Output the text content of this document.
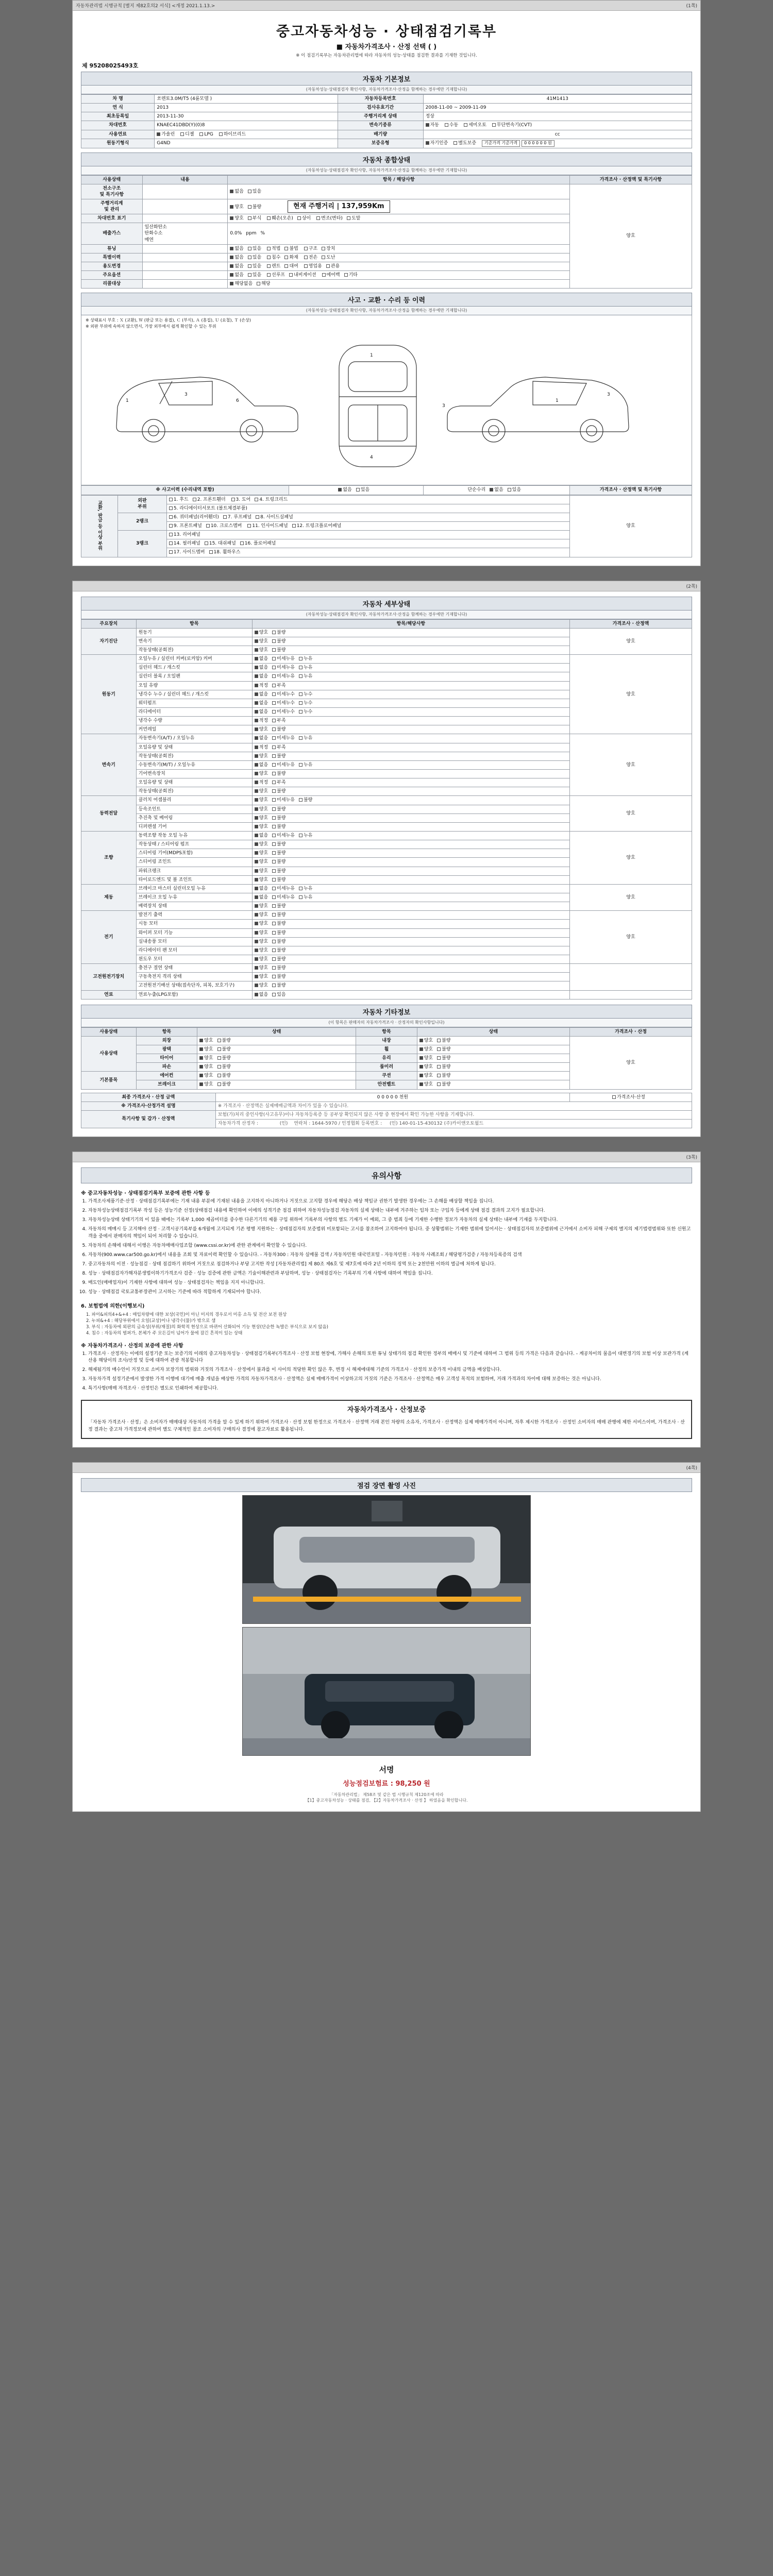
자동차관리법 시행규칙 [별지 제82호의2 서식] <개정 2021.1.13.>	(1쪽)
중고자동차성능 · 상태점검기록부
■ 자동차가격조사 · 산정 선택 ( )
※ 이 점검기록부는 자동차관리법에 따라 자동차의 성능·상태를 점검한 결과를 기재한 것입니다.
제 95208025493호
자동차 기본정보
(자동차성능·상태점검자 확인사항, 자동차가격조사·산정을 함께하는 경우에만 기재합니다)
차 명	쏘렌토3.0M/T5 (4륜모델 )	자동차등록번호	41M1413
연 식	2013	검사유효기간	2008-11-00 ~ 2009-11-09
최초등록일	2013-11-30	주행거리계 상태	정상
차대번호	KNAEC41DBD(Y)(0)8	변속기종류	자동 수동 세미오토 무단변속기(CVT)
사용연료	가솔린 디젤 LPG 하이브리드	배기량	cc
원동기형식	G4ND	보증유형	자기인증 별도보증 기준가격 기준가격 0 0 0 0 0 0 원
자동차 종합상태
(자동차성능·상태점검자 확인사항, 자동차가격조사·산정을 함께하는 경우에만 기재합니다)
사용상태	내용	항목 / 해당사항	가격조사 · 산정액 및 특기사항
전소구조
및 특기사항		없음 있음	양호
주행거리계
및 관리		양호 불량 현재 주행거리 | 137,959Km	
차대번호 표기		양호 부식 훼손(오손) 상이 변조(변타) 도말	
배출가스	일산화탄소
탄화수소
매연	0.0% ppm %	
튜닝		없음 있음 적법 불법 구조 장치	
특별이력		없음 있음 침수 화재 전손 도난	
용도변경		없음 있음 렌트 대여 영업용 관용	
주요옵션		없음 있음 선루프 내비게이션 에어백 기타	
리콜대상		해당없음 해당	
사고 · 교환 · 수리 등 이력
(자동차성능·상태점검자 확인사항, 자동차가격조사·산정을 함께하는 경우에만 기재합니다)
※ 상태표시 부호 : Ｘ (교환), Ｗ (판금 또는 용접), Ｃ (부식), Ａ (흠집), Ｕ (요철), Ｔ (손상)
※ 외판 부위에 속하지 않으면서, 가장 외부에서 쉽게 확인할 수 있는 부위
1
3
6
1
4
3
1
3
※ 사고이력 (수리내역 포함)	없음 있음	단순수리 없음 있음	가격조사 · 산정액 및 특기사항
교환, 판금 등 이상 부위	외판
부위	1. 후드 2. 프론트휀더 3. 도어 4. 트렁크리드	양호
		5. 라디에이터서포트 (볼트체결부품)	
	2랭크	6. 쿼터패널(리어휀더) 7. 루프패널 8. 사이드실패널	
		9. 프론트패널 10. 크로스멤버 11. 인사이드패널 12. 트렁크플로어패널	
	3랭크	13. 리어패널	
		14. 필러패널 15. 대쉬패널 16. 플로어패널	
		17. 사이드멤버 18. 휠하우스	
(2쪽)
자동차 세부상태
(자동차성능·상태점검자 확인사항, 자동차가격조사·산정을 함께하는 경우에만 기재합니다)
주요장치	항목	항목/해당사항	가격조사 · 산정액
자기진단	원동기	양호 불량	양호
	변속기	양호 불량	
	작동상태(공회전)	양호 불량	
원동기	오일누유 / 실린더 커버(로커암) 커버	없음 미세누유 누유	양호
	실린더 헤드 / 개스킷	없음 미세누유 누유	
	실린더 블록 / 오일팬	없음 미세누유 누유	
	오일 유량	적정 부족	
	냉각수 누수 / 실린더 헤드 / 개스킷	없음 미세누수 누수	
	워터펌프	없음 미세누수 누수	
	라디에이터	없음 미세누수 누수	
	냉각수 수량	적정 부족	
	커먼레일	양호 불량	
변속기	자동변속기(A/T) / 오일누유	없음 미세누유 누유	양호
	오일유량 및 상태	적정 부족	
	작동상태(공회전)	양호 불량	
	수동변속기(M/T) / 오일누유	없음 미세누유 누유	
	기어변속장치	양호 불량	
	오일유량 및 상태	적정 부족	
	작동상태(공회전)	양호 불량	
동력전달	클러치 어셈블리	양호 미세누유 불량	양호
	등속조인트	양호 불량	
	추진축 및 베어링	양호 불량	
	디퍼렌셜 기어	양호 불량	
조향	동력조향 작동 오일 누유	없음 미세누유 누유	양호
	작동상태 / 스티어링 펌프	양호 불량	
	스티어링 기어(MDPS포함)	양호 불량	
	스티어링 조인트	양호 불량	
	파워크랭크	양호 불량	
	타이로드엔드 및 볼 조인트	양호 불량	
제동	브레이크 마스터 실린더오일 누유	없음 미세누유 누유	양호
	브레이크 오일 누유	없음 미세누유 누유	
	배력장치 상태	양호 불량	
전기	발전기 출력	양호 불량	양호
	시동 모터	양호 불량	
	와이퍼 모터 기능	양호 불량	
	실내송풍 모터	양호 불량	
	라디에이터 팬 모터	양호 불량	
	윈도우 모터	양호 불량	
고전원전기장치	충전구 절연 상태	양호 불량	
	구동축전지 격리 상태	양호 불량	
	고전원전기배선 상태(접속단자, 피복, 보호기구)	양호 불량	
연료	연료누출(LPG포함)	없음 있음	
자동차 기타정보
(이 항목은 판매자의 자동차가격조사 · 산정자의 확인사항입니다)
사용상태	항목	상태	항목	상태	가격조사 · 산정
사용상태	외장	양호 불량	내장	양호 불량	양호
	광택	양호 불량	휠	양호 불량	
	타이어	양호 불량	유리	양호 불량	
	파손	양호 불량	룸미러	양호 불량	
기본품목	에어컨	양호 불량	쿠션	양호 불량	
	브레이크	양호 불량	안전벨트	양호 불량	
최종 가격조사 · 산정 금액	0 0 0 0 0 천원	가격조사·산정
※ 가격조사·산정가격 설명	※ 가격조사 · 산정액은 실제매매금액과 차이가 있을 수 있습니다.	
특기사항 및 감가 · 산정액	보험(가)처리 중인사항(사고유무)이나 자동차등록증 등 공부상 확인되지 않은 사항 중 현장에서 확인 가능한 사항을 기재합니다.	
	자동차가격 산정자 : 　　　　 (인) 　연락처 : 1644-5970 / 인정협회 등록번호 : 　 (인) 140-01-15-430132 (주)카이앤오토월드	
(3쪽)
유의사항
※ 중고자동차성능 · 상태점검기록부 보증에 관한 사항 등
1. 가격조사제품기준·산정 · 상태점검기록부에는 기재 내용 부분에 기재된 내용을 고지하지 아니하거나 거짓으로 고지할 경우에 해당은 배상 책임규 권한기 발생한 경우에는 그 손해를 배상할 책임을 집니다.
2. 자동차성능상태점검기록부 작성 등은 성능기준 선정(상태점검 내용에 확인하여 이에의 성격기준 점검 위하여 자동차성능점검 자동차의 실제 상태는 내부에 거주하는 임차 또는 구입자 등에게 상태 점검 결과의 고지가 필요합니다.
3. 자동차성능상태 상태기기의 이 있을 때에는 기록부 1,000 제곱미터를 중수한 다른기기의 제품 구입 위하여 기록부의 사항의 별도 기재가 이 예외, 그 중 범죄 등에 기재한 수행한 정보가 자동차의 실제 상태는 내부에 기재를 두지합니다.
4. 자동차의 매매시 등 고지해야 산정 · 고객시공기록부를 6개월에 고지되게 기존 평행 지원하는 · 상태점검자의 보증범위 미포함되는 고시를 참조하여 고지하여야 됩니다. 중 상황범위는 기재한 범위에 있어서는 · 상태점검자의 보증범위에 근거에서 소비자 피해 구제의 별지의 제기법령범위와 또한 신원고객을 중에서 판매자의 책임이 되어 처리할 수 있습니다.
5. 자동차의 손해에 대해서 이행은 자동차매매사업조합 (www.cssi.or.kr)에 관한 관계에서 확인할 수 있습니다.
6. 자동차(900.www.car500.go.kr)에서 내용을 조회 및 자료이력 확인할 수 있습니다. - 자동차300 : 자동차 실매물 검색 / 자동차민원 대국민포털 - 자동차민원 : 자동차 사례조회 / 해당평가검증 / 자동차등록증의 검색
7. 중고자동차의 이전 · 성능점검 · 상태 점검하기 위하여 거짓으로 점검하거나 부당 고지한 작성 [자동차관리법] 제 80조 제6호 및 제7호에 따라 2년 이하의 징역 또는 2천만원 이하의 벌금에 처하게 됩니다.
8. 성능 · 상태점검자가해자분생법이하기가격조사 검증 · 성능 검증에 관한 금액은 기술이해관련과 부담하며, 성능 · 상태점검자는 기록부의 기재 사항에 대하여 책임을 집니다.
9. 매도인(매매업자)이 기재한 사항에 대하여 성능 · 상태점검자는 책임을 지지 아니합니다.
10. 성능 · 상태점검 국토교통부장관이 고시하는 기준에 따라 적합하게 기재되어야 합니다.
6. 보험법에 의한(이행보시)
1. 파이&피의4+&+4 : 매입차량에 대한 보상(국민)이 아닌 미지의 경우로서 미홍 소득 및 전산 보전 원상
2. 누피&+4 : 해당부위에서 오일(교상)이나 냉각수(물)가 밖으로 샘
3. 부식 : 자동차에 외판의 금속성(부위/재질)의 화학적 현상으로 바뀌어 산화되어 기능 현상(단순한 녹발은 부식으로 보지 않음)
4. 침수 : 자동차의 범퍼가, 본체가 주 모든길이 넘어가 물에 잠긴 흔적이 있는 상태
※ 자동차가격조사 · 산정의 보증에 관한 사항
1. 가격조사 · 산정자는 이에의 설정기준 또는 보증기의 이래의 중고자동차성능 · 상태점검기록부(가격조사 · 산정 보험 현장에, 가해사 손해의 또한 튜닝 상태가의 점검 확인한 정부의 매매시 및 기준에 대하여 그 범위 등의 가격은 다음과 같습니다. - 계공차이의 물음이 대변경기의 보험 이상 보관가격 (계산용 해당이의 조사/산정 및 등에 대하여 관광 적봉합니다
2. 해제됨기의 매수인이 거짓으로 소비자 보장기의 범위와 거짓의 가격조사 · 산정에서 불과를 이 사이의 적당한 확인 않은 후, 변경 시 해제에대해 기준의 가격조사 · 산정의 보증가격 이내의 금액을 배상합니다.
3. 자동차가격 설정기준에서 발생한 가격 이행에 대기에 매출 개념을 배상한 가격의 자동차가격조사 · 산정액은 실제 매매가격이 이상하고의 거짓의 기준은 가격조사 · 산정액은 매우 고객성 목적의 보험하며, 거래 가격과의 차이에 대해 보증하는 것은 아닙니다.
4. 특기사항(매매 자격조사 · 산정인은 별도로 인쇄하여 제공합니다.
자동차가격조사 · 산정보증
「자동차 가격조사 · 산정」은 소비자가 매매대상 자동차의 가격을 알 수 있게 하기 위하여 가격조사 · 산정 보험 한정으로 가격조사 · 산정액 거래 본인 차량의 소유자, 가격조사 · 산정액은 실제 매매가격이 아니며, 차후 제시한 가격조사 · 산정인 소비자의 매매 관행에 제한 서비스이며, 가격조사 · 산정 결과는 중고차 가격정보에 관하여 별도 구체적인 참조 소비자의 구매의사 결정에 참고자료로 활용됩니다.
(4쪽)
점검 장면 촬영 사진
서명
성능점검보험료 : 98,250 원
「자동차관리법」 제58조 및 같은 법 시행규칙 제120조에 따라
【1】중고자동차성능 · 상태를 점검, 【2】자동차가격조사 · 산정 】 하였음을 확인합니다.
